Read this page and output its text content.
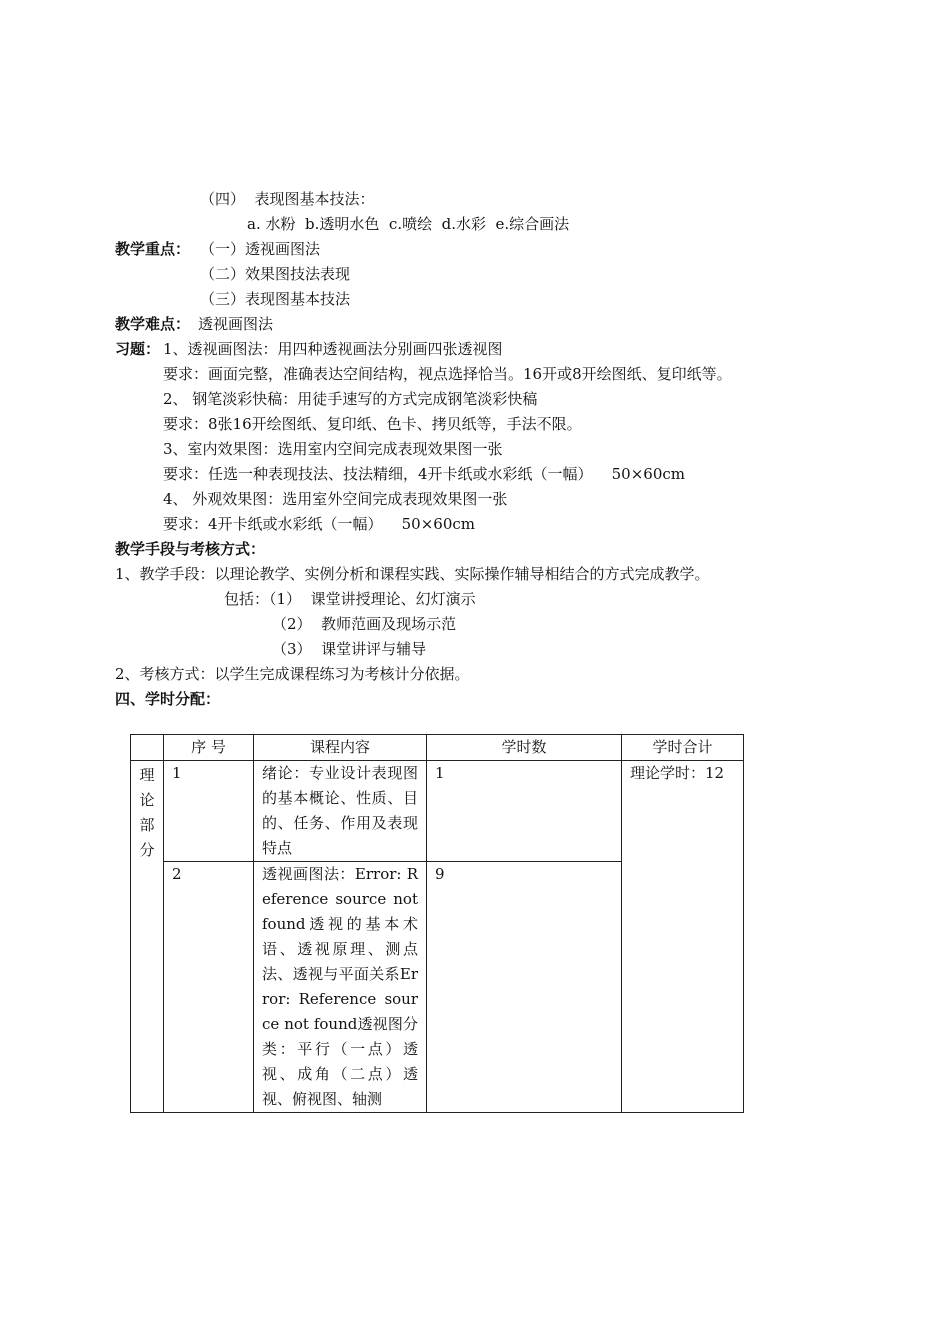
（四）  表现图基本技法：
a. 水粉  b.透明水色  c.喷绘  d.水彩  e.综合画法
教学重点： （一）透视画图法
（二）效果图技法表现
（三）表现图基本技法
教学难点： 透视画图法
习题： 1、透视画图法：用四种透视画法分别画四张透视图
要求：画面完整，准确表达空间结构，视点选择恰当。16开或8开绘图纸、复印纸等。
2、 钢笔淡彩快稿：用徒手速写的方式完成钢笔淡彩快稿
要求：8张16开绘图纸、复印纸、色卡、拷贝纸等，手法不限。
3、室内效果图：选用室内空间完成表现效果图一张
要求：任选一种表现技法、技法精细，4开卡纸或水彩纸（一幅）    50×60cm
4、 外观效果图：选用室外空间完成表现效果图一张
要求：4开卡纸或水彩纸（一幅）    50×60cm
教学手段与考核方式：
1、教学手段：以理论教学、实例分析和课程实践、实际操作辅导相结合的方式完成教学。
包括：（1）  课堂讲授理论、幻灯演示
（2）  教师范画及现场示范
（3）  课堂讲评与辅导
2、考核方式：以学生完成课程练习为考核计分依据。
四、学时分配：
	序 号	课程内容	学时数	学时合计

理
论
部
分	1	绪论：专业设计表现图的基本概论、性质、目的、任务、作用及表现特点	1	理论学时：12
	2	透视画图法：Error: Reference source not found透视的基本术语、透视原理、测点法、透视与平面关系Error: Reference source not found透视图分类：平行（一点）透视、成角（二点）透视、俯视图、轴测	9	
